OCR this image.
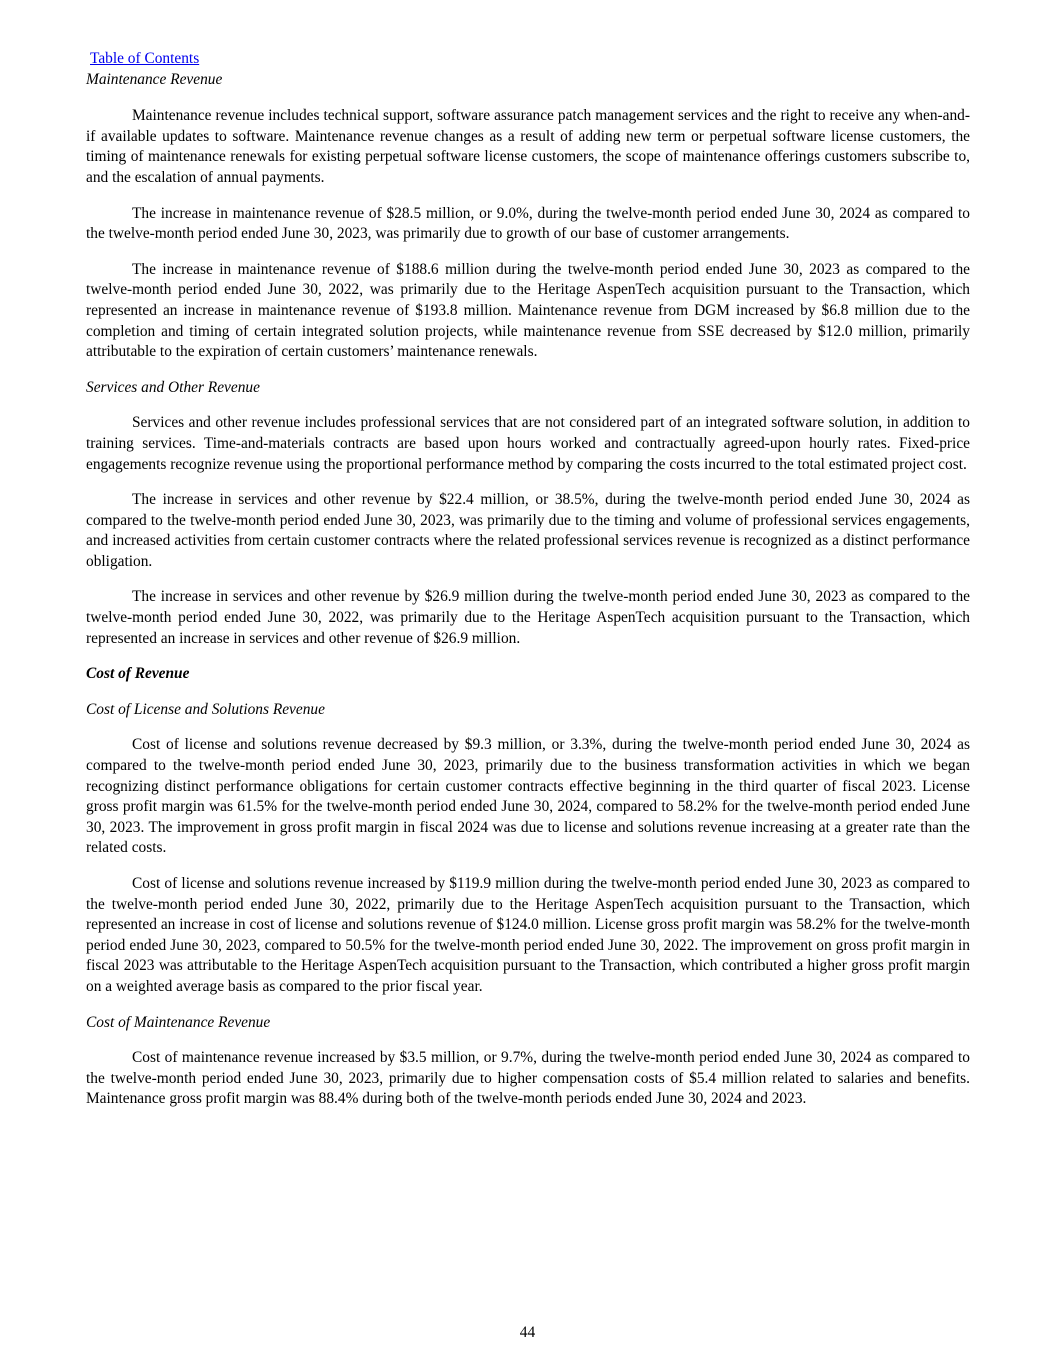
Table of Contents
Maintenance Revenue

Maintenance revenue includes technical support, software assurance patch management services and the right to receive any when-and-if available updates to software. Maintenance revenue changes as a result of adding new term or perpetual software license customers, the timing of maintenance renewals for existing perpetual software license customers, the scope of maintenance offerings customers subscribe to, and the escalation of annual payments.

The increase in maintenance revenue of $28.5 million, or 9.0%, during the twelve-month period ended June 30, 2024 as compared to the twelve-month period ended June 30, 2023, was primarily due to growth of our base of customer arrangements.

The increase in maintenance revenue of $188.6 million during the twelve-month period ended June 30, 2023 as compared to the twelve-month period ended June 30, 2022, was primarily due to the Heritage AspenTech acquisition pursuant to the Transaction, which represented an increase in maintenance revenue of $193.8 million. Maintenance revenue from DGM increased by $6.8 million due to the completion and timing of certain integrated solution projects, while maintenance revenue from SSE decreased by $12.0 million, primarily attributable to the expiration of certain customers’ maintenance renewals.

Services and Other Revenue

Services and other revenue includes professional services that are not considered part of an integrated software solution, in addition to training services. Time-and-materials contracts are based upon hours worked and contractually agreed-upon hourly rates. Fixed-price engagements recognize revenue using the proportional performance method by comparing the costs incurred to the total estimated project cost.

The increase in services and other revenue by $22.4 million, or 38.5%, during the twelve-month period ended June 30, 2024 as compared to the twelve-month period ended June 30, 2023, was primarily due to the timing and volume of professional services engagements, and increased activities from certain customer contracts where the related professional services revenue is recognized as a distinct performance obligation.

The increase in services and other revenue by $26.9 million during the twelve-month period ended June 30, 2023 as compared to the twelve-month period ended June 30, 2022, was primarily due to the Heritage AspenTech acquisition pursuant to the Transaction, which represented an increase in services and other revenue of $26.9 million.

Cost of Revenue
Cost of License and Solutions Revenue

Cost of license and solutions revenue decreased by $9.3 million, or 3.3%, during the twelve-month period ended June 30, 2024 as compared to the twelve-month period ended June 30, 2023, primarily due to the business transformation activities in which we began recognizing distinct performance obligations for certain customer contracts effective beginning in the third quarter of fiscal 2023. License gross profit margin was 61.5% for the twelve-month period ended June 30, 2024, compared to 58.2% for the twelve-month period ended June 30, 2023. The improvement in gross profit margin in fiscal 2024 was due to license and solutions revenue increasing at a greater rate than the related costs.

Cost of license and solutions revenue increased by $119.9 million during the twelve-month period ended June 30, 2023 as compared to the twelve-month period ended June 30, 2022, primarily due to the Heritage AspenTech acquisition pursuant to the Transaction, which represented an increase in cost of license and solutions revenue of $124.0 million. License gross profit margin was 58.2% for the twelve-month period ended June 30, 2023, compared to 50.5% for the twelve-month period ended June 30, 2022. The improvement on gross profit margin in fiscal 2023 was attributable to the Heritage AspenTech acquisition pursuant to the Transaction, which contributed a higher gross profit margin on a weighted average basis as compared to the prior fiscal year.

Cost of Maintenance Revenue

Cost of maintenance revenue increased by $3.5 million, or 9.7%, during the twelve-month period ended June 30, 2024 as compared to the twelve-month period ended June 30, 2023, primarily due to higher compensation costs of $5.4 million related to salaries and benefits. Maintenance gross profit margin was 88.4% during both of the twelve-month periods ended June 30, 2024 and 2023.

44
